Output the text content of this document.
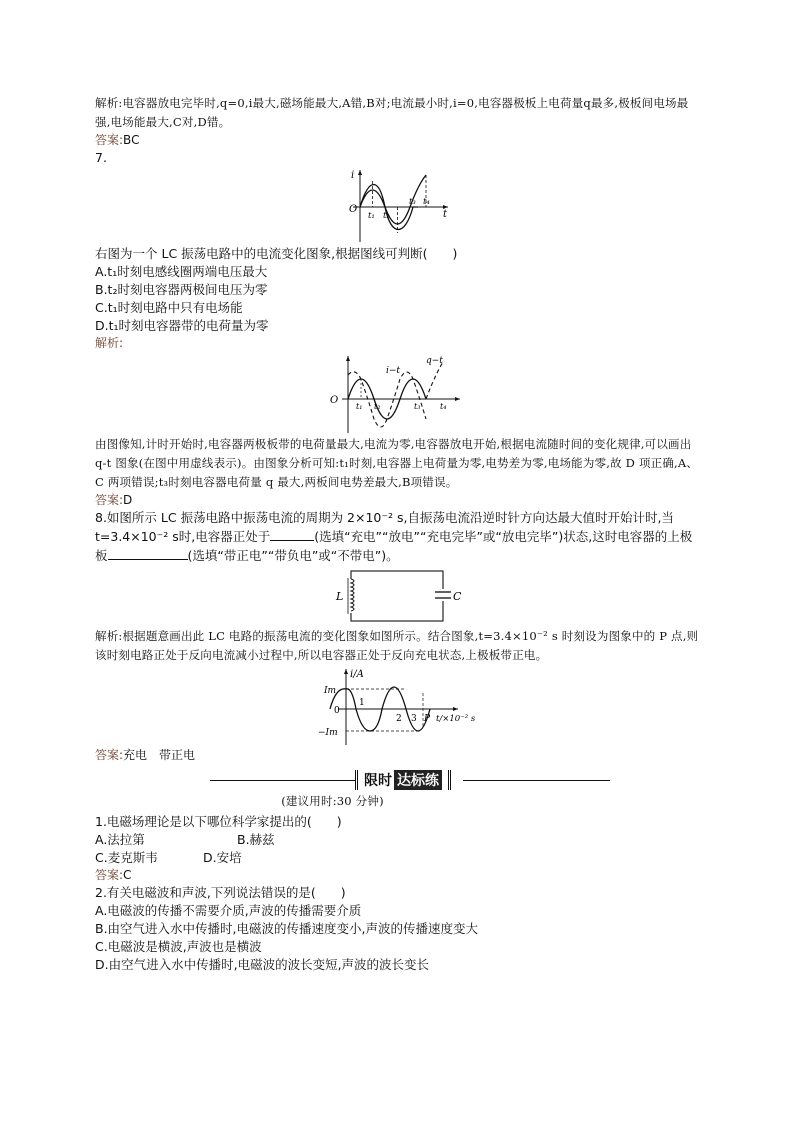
解析:电容器放电完毕时,q=0,i最大,磁场能最大,A错,B对;电流最小时,i=0,电容器极板上电荷量q最多,极板间电场最强,电场能最大,C对,D错。

答案:BC

7.

i
O	t
t₁ t₂
t₃ t₄

右图为一个 LC 振荡电路中的电流变化图象,根据图线可判断(　　)

A.t₁时刻电感线圈两端电压最大

B.t₂时刻电容器两极间电压为零

C.t₁时刻电路中只有电场能

D.t₁时刻电容器带的电荷量为零

解析:

O
q−t
i−t
t₁ t₂	t₃ t₄

由图像知,计时开始时,电容器两极板带的电荷量最大,电流为零,电容器放电开始,根据电流随时间的变化规律,可以画出 q-t 图象(在图中用虚线表示)。由图象分析可知:t₁时刻,电容器上电荷量为零,电势差为零,电场能为零,故 D 项正确,A、C 两项错误;t₃时刻电容器电荷量 q 最大,两板间电势差最大,B项错误。

答案:D

8.如图所示 LC 振荡电路中振荡电流的周期为 2×10⁻² s,自振荡电流沿逆时针方向达最大值时开始计时,当 t=3.4×10⁻² s时,电容器正处于	(选填“充电”“放电”“充电完毕”或“放电完毕”)状态,这时电容器的上极板	(选填“带正电”“带负电”或“不带电”)。

L	C

解析:根据题意画出此 LC 电路的振荡电流的变化图象如图所示。结合图象,t=3.4×10⁻² s 时刻设为图象中的 P 点,则该时刻电路正处于反向电流减小过程中,所以电容器正处于反向充电状态,上极板带正电。

i/A
Im
0
−Im
1
2 3 P t/×10⁻² s

答案:充电　带正电

限时 达标练

(建议用时:30 分钟)

1.电磁场理论是以下哪位科学家提出的(　　)

A.法拉第	B.赫兹
C.麦克斯韦	D.安培

答案:C

2.有关电磁波和声波,下列说法错误的是(　　)

A.电磁波的传播不需要介质,声波的传播需要介质

B.由空气进入水中传播时,电磁波的传播速度变小,声波的传播速度变大

C.电磁波是横波,声波也是横波

D.由空气进入水中传播时,电磁波的波长变短,声波的波长变长
